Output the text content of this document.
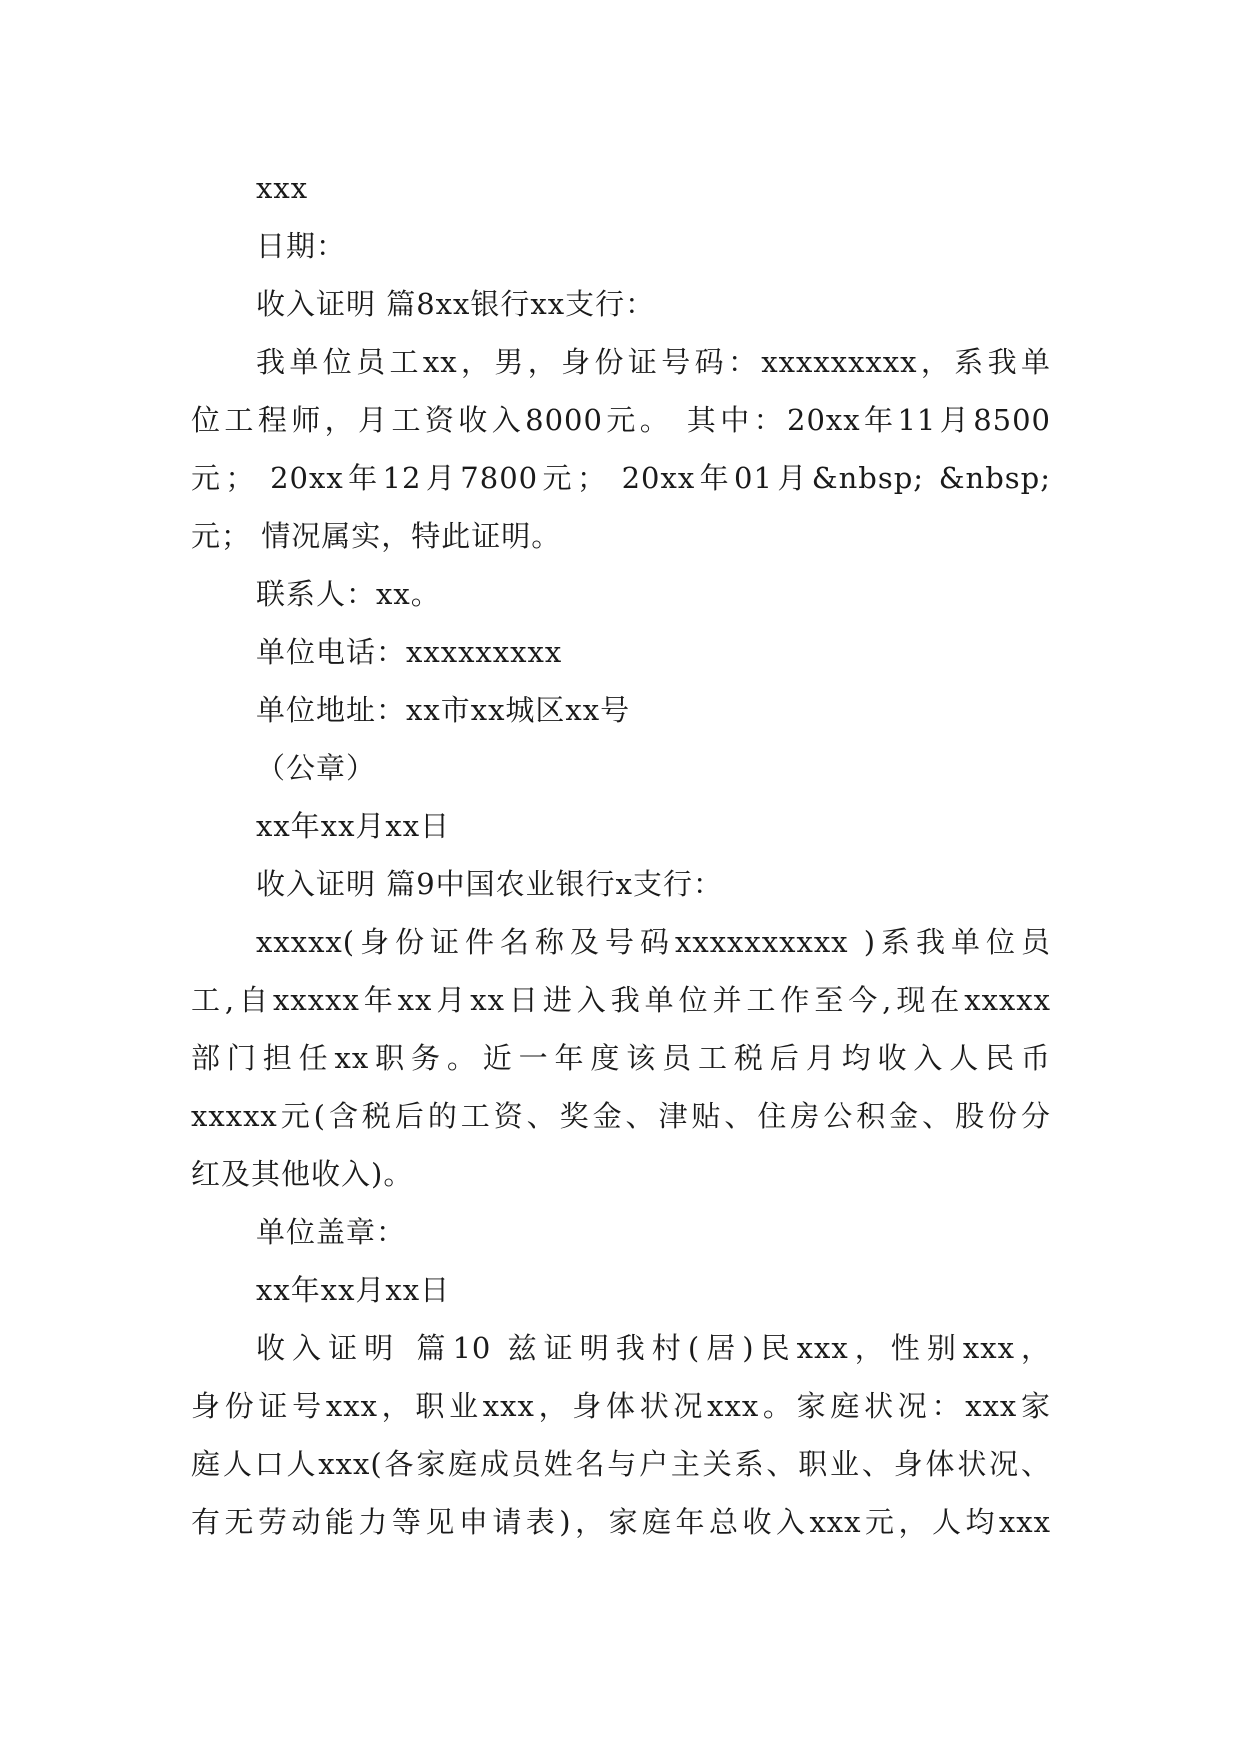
xxx
日期：
收入证明 篇8xx银行xx支行：
我单位员工xx，男，身份证号码：xxxxxxxxx，系我单
位工程师，月工资收入8000元。 其中：20xx年11月8500
元； 20xx年12月7800元； 20xx年01月&nbsp; &nbsp;
元； 情况属实，特此证明。
联系人：xx。
单位电话：xxxxxxxxx
单位地址：xx市xx城区xx号
（公章）
xx年xx月xx日
收入证明 篇9中国农业银行x支行：
xxxxx(身份证件名称及号码xxxxxxxxxx )系我单位员
工,自xxxxx年xx月xx日进入我单位并工作至今,现在xxxxx
部门担任xx职务。近一年度该员工税后月均收入人民币
xxxxx元(含税后的工资、奖金、津贴、住房公积金、股份分
红及其他收入)。
单位盖章：
xx年xx月xx日
收入证明 篇10 兹证明我村(居)民xxx，性别xxx，
身份证号xxx，职业xxx，身体状况xxx。家庭状况：xxx家
庭人口人xxx(各家庭成员姓名与户主关系、职业、身体状况、
有无劳动能力等见申请表)，家庭年总收入xxx元，人均xxx
